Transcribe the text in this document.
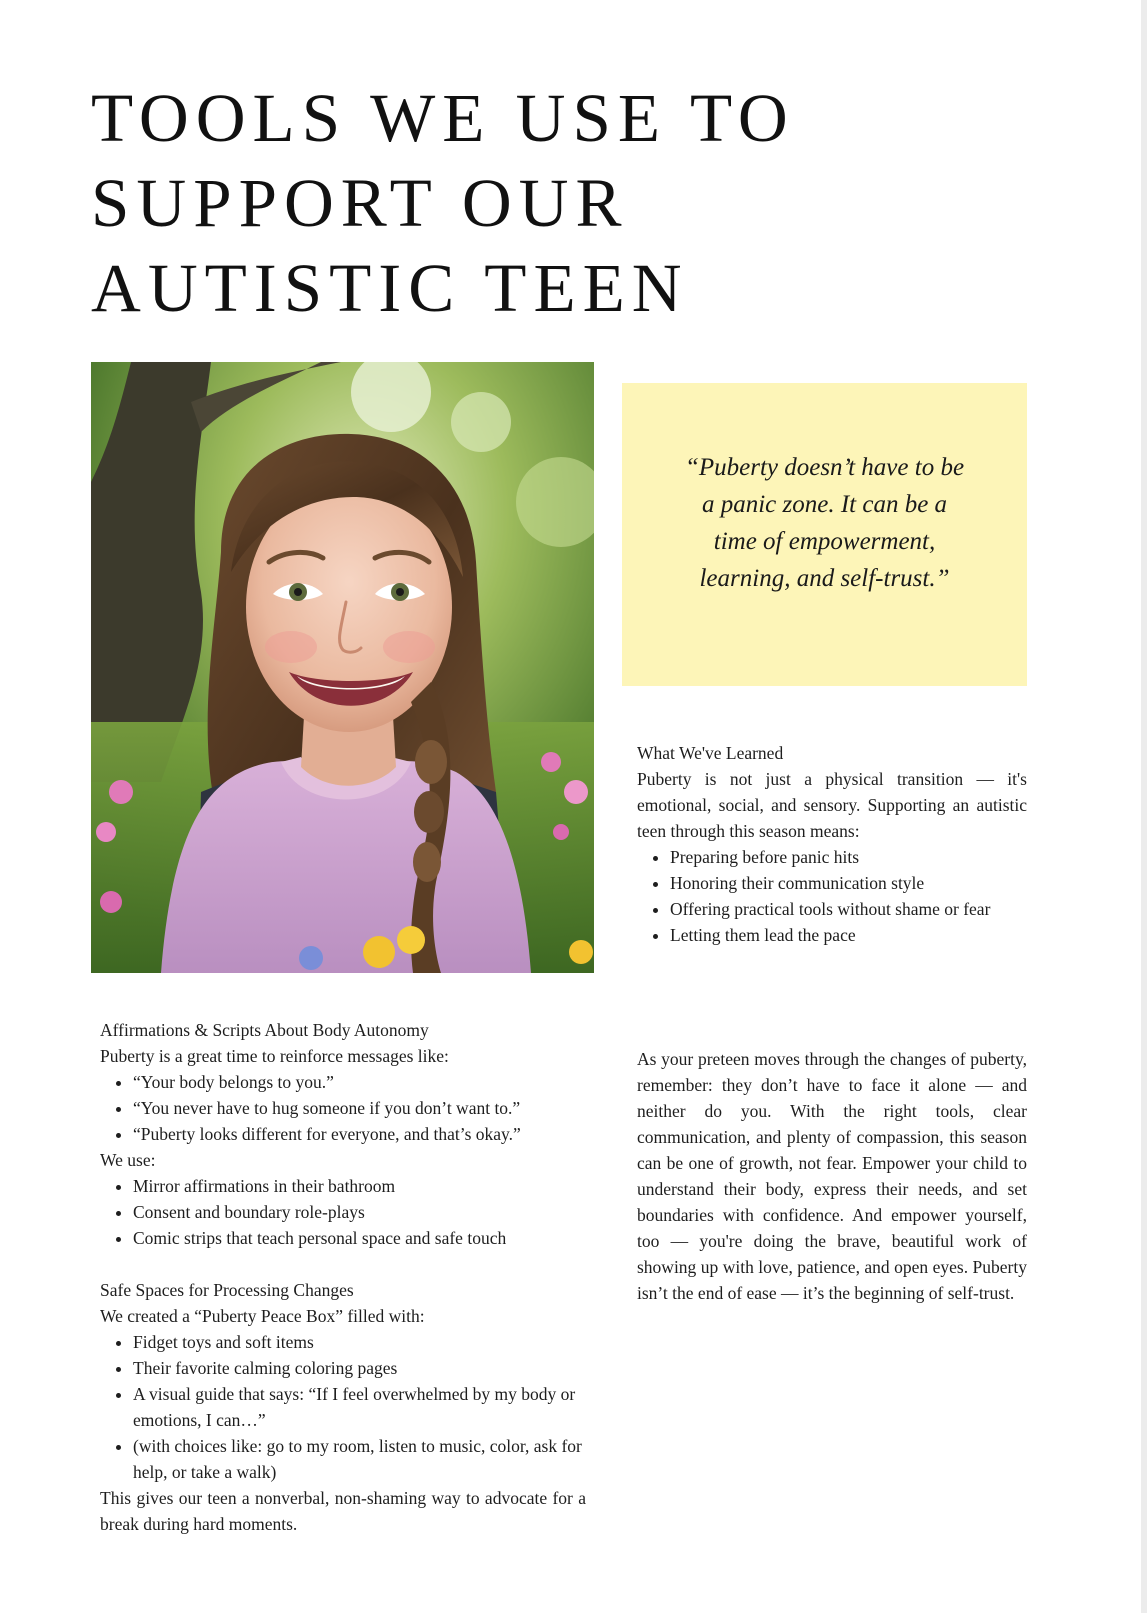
TOOLS WE USE TO
SUPPORT OUR
AUTISTIC TEEN

“Puberty doesn’t have to be a panic zone. It can be a time of empowerment, learning, and self-trust.”

What We've Learned

Puberty is not just a physical transition — it's emotional, social, and sensory. Supporting an autistic teen through this season means:

• Preparing before panic hits
• Honoring their communication style
• Offering practical tools without shame or fear
• Letting them lead the pace

Affirmations & Scripts About Body Autonomy

Puberty is a great time to reinforce messages like:

• “Your body belongs to you.”
• “You never have to hug someone if you don’t want to.”
• “Puberty looks different for everyone, and that’s okay.”

We use:

• Mirror affirmations in their bathroom
• Consent and boundary role-plays
• Comic strips that teach personal space and safe touch

Safe Spaces for Processing Changes

We created a “Puberty Peace Box” filled with:

• Fidget toys and soft items
• Their favorite calming coloring pages
• A visual guide that says: “If I feel overwhelmed by my body or emotions, I can…”
• (with choices like: go to my room, listen to music, color, ask for help, or take a walk)

This gives our teen a nonverbal, non-shaming way to advocate for a break during hard moments.

As your preteen moves through the changes of puberty, remember: they don’t have to face it alone — and neither do you. With the right tools, clear communication, and plenty of compassion, this season can be one of growth, not fear. Empower your child to understand their body, express their needs, and set boundaries with confidence. And empower yourself, too — you're doing the brave, beautiful work of showing up with love, patience, and open eyes. Puberty isn’t the end of ease — it’s the beginning of self-trust.
